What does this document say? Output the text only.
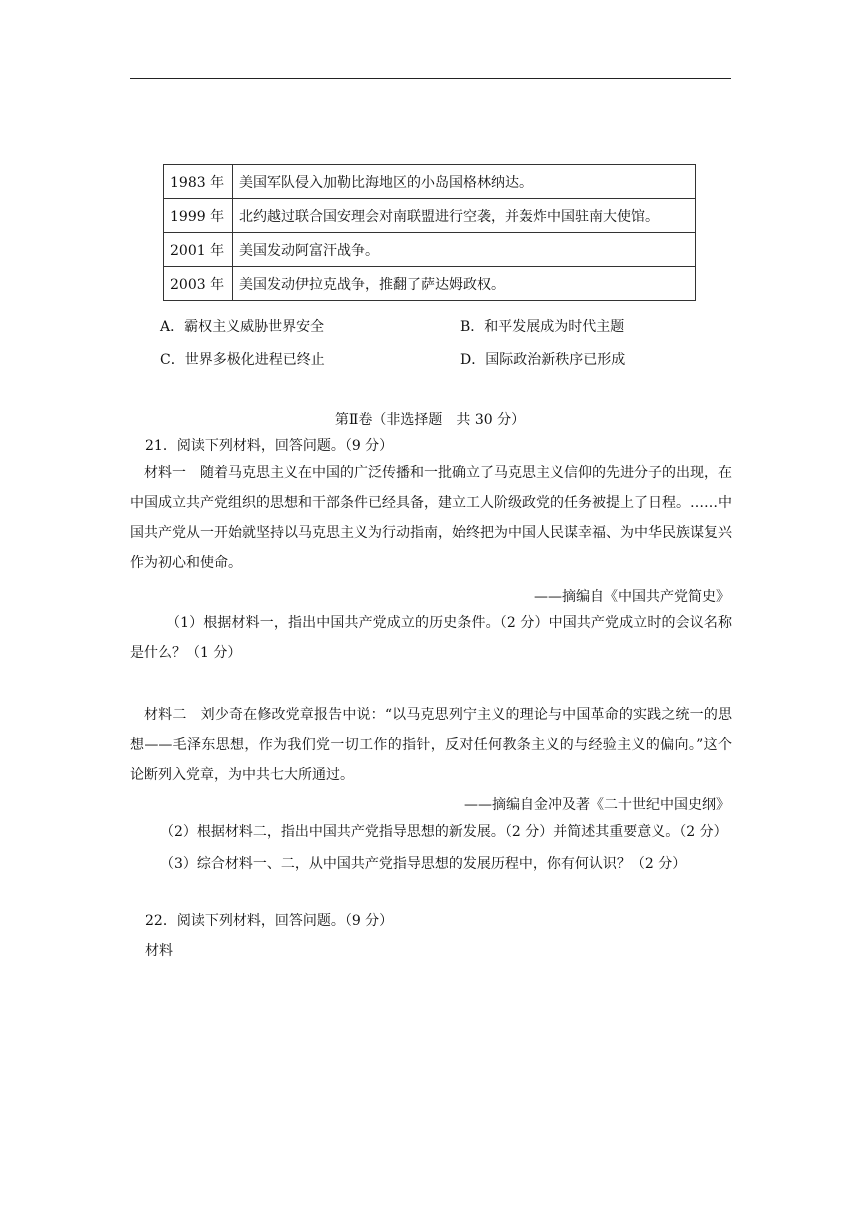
1983 年	美国军队侵入加勒比海地区的小岛国格林纳达。
1999 年	北约越过联合国安理会对南联盟进行空袭，并轰炸中国驻南大使馆。
2001 年	美国发动阿富汗战争。
2003 年	美国发动伊拉克战争，推翻了萨达姆政权。
A．霸权主义威胁世界安全	B．和平发展成为时代主题
C．世界多极化进程已终止	D．国际政治新秩序已形成
第Ⅱ卷（非选择题　共 30 分）
21．阅读下列材料，回答问题。（9 分）
材料一　随着马克思主义在中国的广泛传播和一批确立了马克思主义信仰的先进分子的出现，在中国成立共产党组织的思想和干部条件已经具备，建立工人阶级政党的任务被提上了日程。……中国共产党从一开始就坚持以马克思主义为行动指南，始终把为中国人民谋幸福、为中华民族谋复兴作为初心和使命。
——摘编自《中国共产党简史》
（1）根据材料一，指出中国共产党成立的历史条件。（2 分）中国共产党成立时的会议名称是什么？（1 分）
材料二　刘少奇在修改党章报告中说：“以马克思列宁主义的理论与中国革命的实践之统一的思想——毛泽东思想，作为我们党一切工作的指针，反对任何教条主义的与经验主义的偏向。”这个论断列入党章，为中共七大所通过。
——摘编自金冲及著《二十世纪中国史纲》
（2）根据材料二，指出中国共产党指导思想的新发展。（2 分）并简述其重要意义。（2 分）
（3）综合材料一、二，从中国共产党指导思想的发展历程中，你有何认识？（2 分）
22．阅读下列材料，回答问题。（9 分）
材料
